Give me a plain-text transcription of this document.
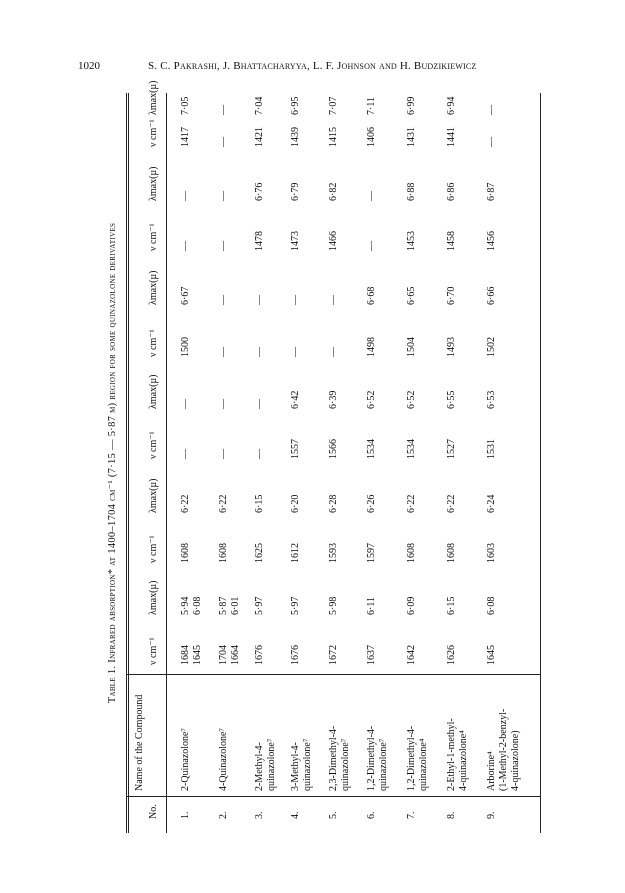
1020	S. C. Pakrashi, J. Bhattacharyya, L. F. Johnson and H. Budzikiewicz
Table 1. Infrared absorption* at 1400–1704 cm⁻¹ (7·15 — 5·87 µ) region for some quinazolone derivatives
No.
Name of the Compound
ν cm⁻¹
λmax(µ)
ν cm⁻¹
λmax(µ)
ν cm⁻¹
λmax(µ)
ν cm⁻¹
λmax(µ)
ν cm⁻¹
λmax(µ)
ν cm⁻¹
λmax(µ)
1.
2-Quinazolone⁷
1684
1645
5·94
6·08
1608
6·22
—
—
1500
6·67
—
—
1417
7·05
2.
4-Quinazolone⁷
1704
1664
5·87
6·01
1608
6·22
—
—
—
—
—
—
—
—
3.
2-Methyl-4-
quinazolone⁷
1676
5·97
1625
6·15
—
—
—
—
1478
6·76
1421
7·04
4.
3-Methyl-4-
quinazolone⁷
1676
5·97
1612
6·20
1557
6·42
—
—
1473
6·79
1439
6·95
5.
2,3-Dimethyl-4-
quinazolone⁷
1672
5·98
1593
6·28
1566
6·39
—
—
1466
6·82
1415
7·07
6.
1,2-Dimethyl-4-
quinazolone⁷
1637
6·11
1597
6·26
1534
6·52
1498
6·68
—
—
1406
7·11
7.
1,2-Dimethyl-4-
quinazolone⁴
1642
6·09
1608
6·22
1534
6·52
1504
6·65
1453
6·88
1431
6·99
8.
2-Ethyl-1-methyl-
4-quinazolone⁴
1626
6·15
1608
6·22
1527
6·55
1493
6·70
1458
6·86
1441
6·94
9.
Arborine⁴
(1-Methyl-2-benzyl-
4-quinazolone)
1645
6·08
1603
6·24
1531
6·53
1502
6·66
1456
6·87
—
—
